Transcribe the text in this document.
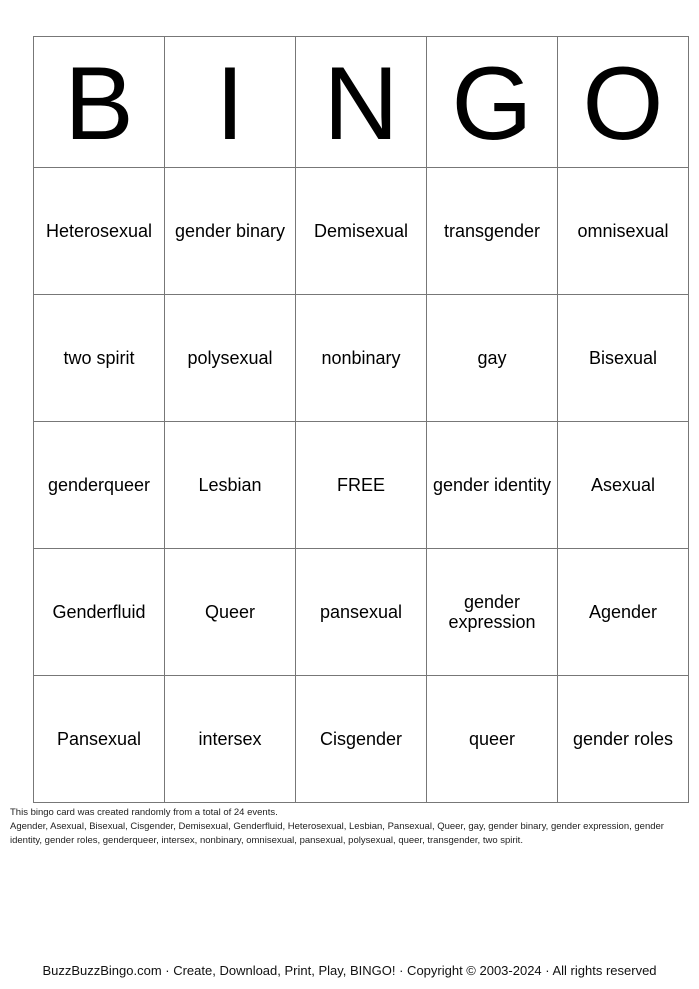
B	I	N	G	O
Heterosexual	gender binary	Demisexual	transgender	omnisexual
two spirit	polysexual	nonbinary	gay	Bisexual
genderqueer	Lesbian	FREE	gender identity	Asexual
Genderfluid	Queer	pansexual	gender expression	Agender
Pansexual	intersex	Cisgender	queer	gender roles
This bingo card was created randomly from a total of 24 events.
Agender, Asexual, Bisexual, Cisgender, Demisexual, Genderfluid, Heterosexual, Lesbian, Pansexual, Queer, gay, gender binary, gender expression, gender identity, gender roles, genderqueer, intersex, nonbinary, omnisexual, pansexual, polysexual, queer, transgender, two spirit.
BuzzBuzzBingo.com · Create, Download, Print, Play, BINGO! · Copyright © 2003-2024 · All rights reserved
